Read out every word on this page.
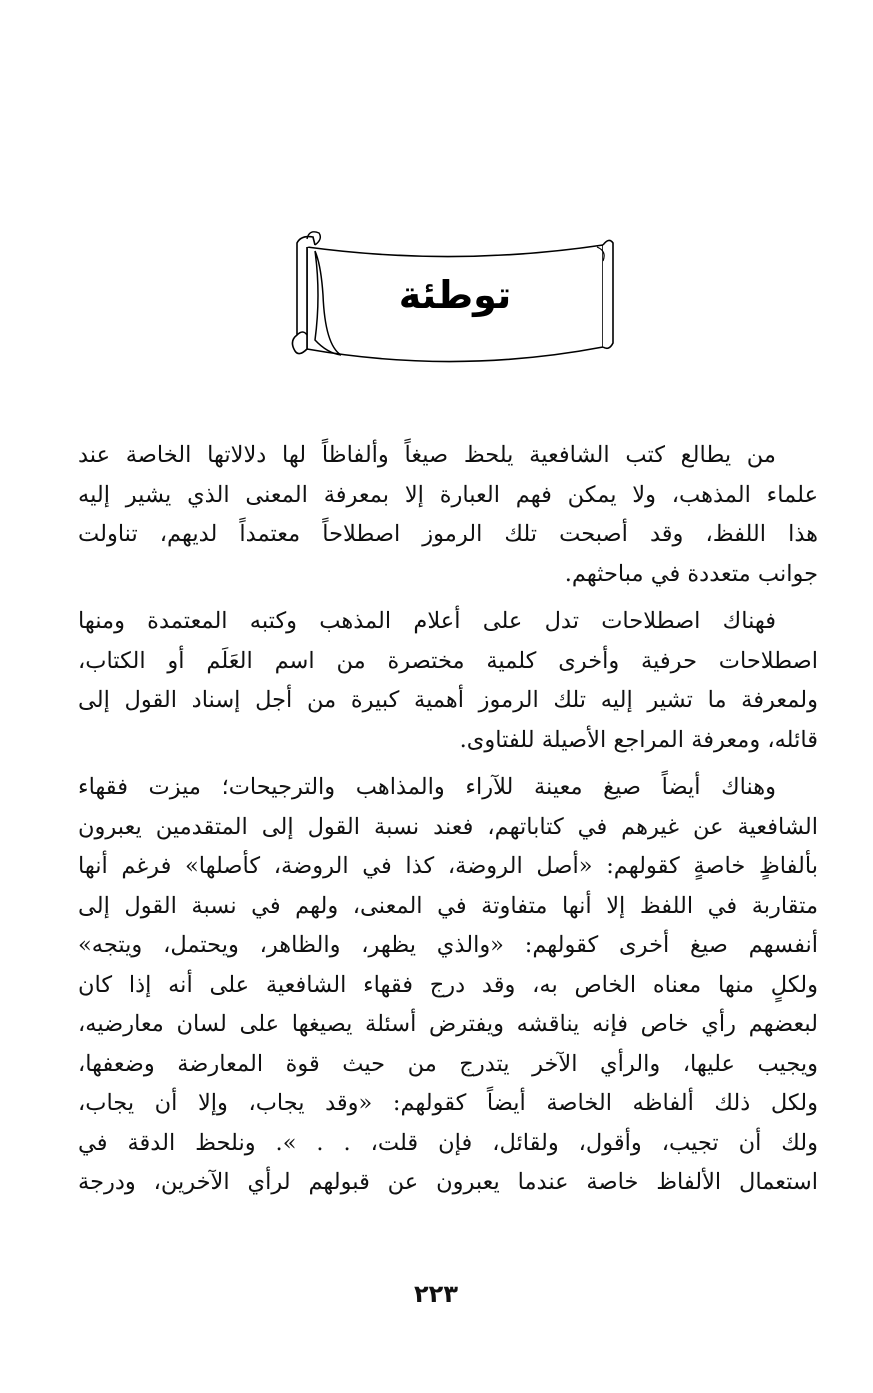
توطئة

من يطالع كتب الشافعية يلحظ صيغاً وألفاظاً لها دلالاتها الخاصة عند
علماء المذهب، ولا يمكن فهم العبارة إلا بمعرفة المعنى الذي يشير إليه
هذا اللفظ، وقد أصبحت تلك الرموز اصطلاحاً معتمداً لديهم، تناولت
جوانب متعددة في مباحثهم.

فهناك اصطلاحات تدل على أعلام المذهب وكتبه المعتمدة ومنها
اصطلاحات حرفية وأخرى كلمية مختصرة من اسم العَلَم أو الكتاب،
ولمعرفة ما تشير إليه تلك الرموز أهمية كبيرة من أجل إسناد القول إلى
قائله، ومعرفة المراجع الأصيلة للفتاوى.

وهناك أيضاً صيغ معينة للآراء والمذاهب والترجيحات؛ ميزت فقهاء
الشافعية عن غيرهم في كتاباتهم، فعند نسبة القول إلى المتقدمين يعبرون
بألفاظٍ خاصةٍ كقولهم: «أصل الروضة، كذا في الروضة، كأصلها» فرغم أنها
متقاربة في اللفظ إلا أنها متفاوتة في المعنى، ولهم في نسبة القول إلى
أنفسهم صيغ أخرى كقولهم: «والذي يظهر، والظاهر، ويحتمل، ويتجه»
ولكلٍ منها معناه الخاص به، وقد درج فقهاء الشافعية على أنه إذا كان
لبعضهم رأي خاص فإنه يناقشه ويفترض أسئلة يصيغها على لسان معارضيه،
ويجيب عليها، والرأي الآخر يتدرج من حيث قوة المعارضة وضعفها،
ولكل ذلك ألفاظه الخاصة أيضاً كقولهم: «وقد يجاب، وإلا أن يجاب،
ولك أن تجيب، وأقول، ولقائل، فإن قلت، . . ». ونلحظ الدقة في
استعمال الألفاظ خاصة عندما يعبرون عن قبولهم لرأي الآخرين، ودرجة

٢٢٣
